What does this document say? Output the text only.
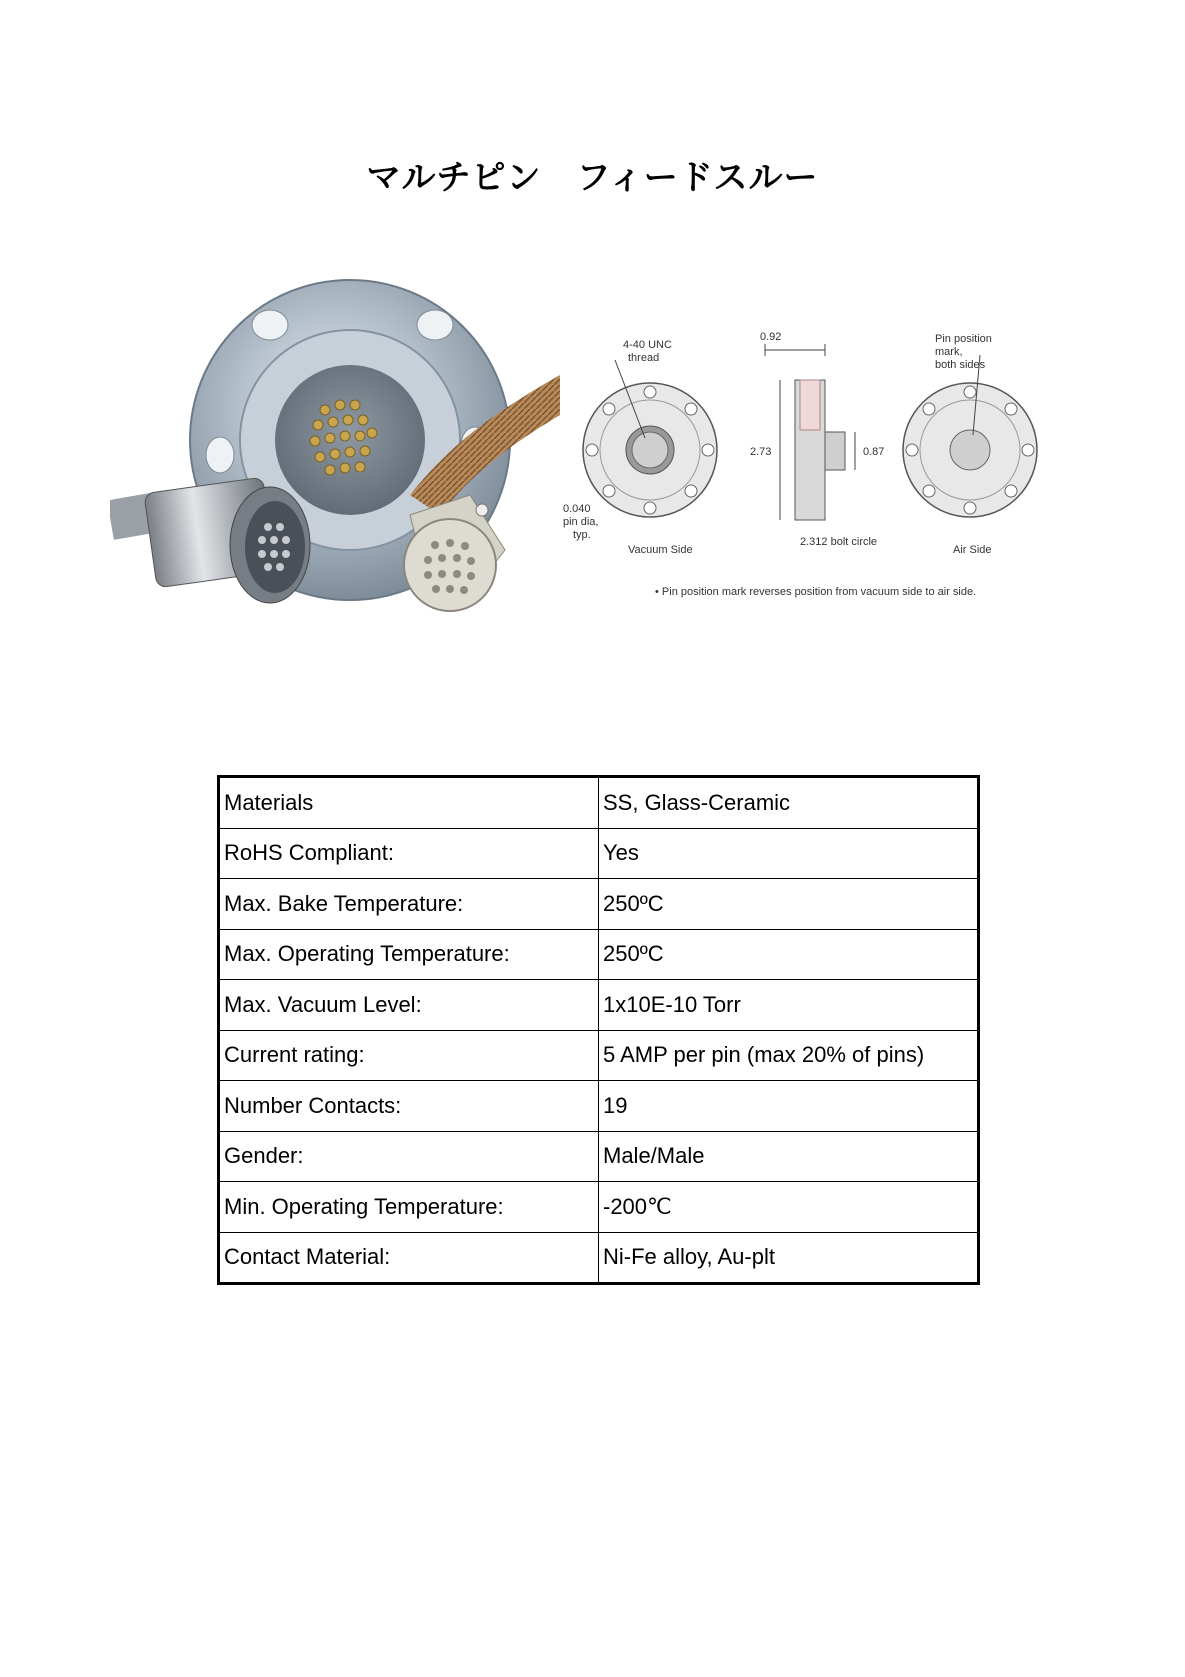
マルチピン　フィードスルー
4-40 UNC
thread
0.040
pin dia,
typ.
Vacuum Side
0.92
2.73	0.87
2.312 bolt circle
Pin position
mark,
both sides
Air Side
• Pin position mark reverses position from vacuum side to air side.
Materials	SS, Glass-Ceramic
RoHS Compliant:	Yes
Max. Bake Temperature:	250ºC
Max. Operating Temperature:	250ºC
Max. Vacuum Level:	1x10E-10 Torr
Current rating:	5 AMP per pin (max 20% of pins)
Number Contacts:	19
Gender:	Male/Male
Min. Operating Temperature:	-200℃
Contact Material:	Ni-Fe alloy, Au-plt
